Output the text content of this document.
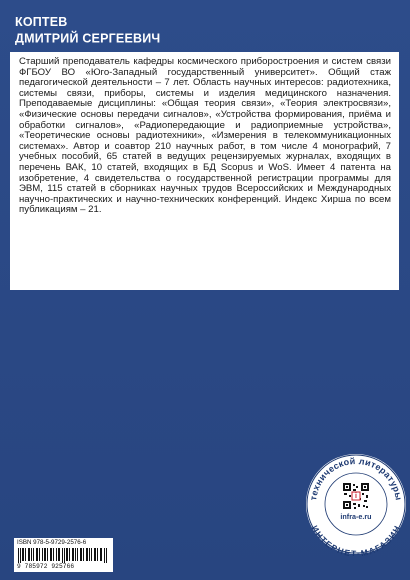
КОПТЕВ
ДМИТРИЙ СЕРГЕЕВИЧ

Старший преподаватель кафедры космического приборостроения и систем связи ФГБОУ ВО «Юго-Западный государственный университет». Общий стаж педагогической деятельности – 7 лет. Область научных интересов: радиотехника, системы связи, приборы, системы и изделия медицинского назначения. Преподаваемые дисциплины: «Общая теория связи», «Теория электросвязи», «Физические основы передачи сигналов», «Устройства формирования, приёма и обработки сигналов», «Радиопередающие и радиоприемные устройства», «Теоретические основы радиотехники», «Измерения в телекоммуникационных системах». Автор и соавтор 210 научных работ, в том числе 4 монографий, 7 учебных пособий, 65 статей в ведущих рецензируемых журналах, входящих в перечень ВАК, 10 статей, входящих в БД Scopus и WoS. Имеет 4 патента на изобретение, 4 свидетельства о государственной регистрации программы для ЭВМ, 115 статей в сборниках научных трудов Всероссийских и Международных научно-практических и научно-технических конференций. Индекс Хирша по всем публикациям – 21.

ISBN 978-5-9729-2576-6
9 785972 925766
технической литературы
ИНТЕРНЕТ-МАГАЗИН
i
infra-e.ru
